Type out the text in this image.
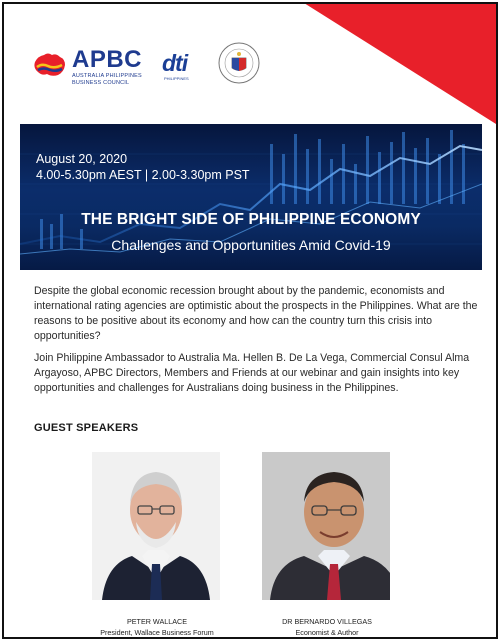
APBC
AUSTRALIA PHILIPPINES BUSINESS COUNCIL
dti
PHILIPPINES
August 20, 2020
4.00-5.30pm AEST | 2.00-3.30pm PST
THE BRIGHT SIDE OF PHILIPPINE ECONOMY
Challenges and Opportunities Amid Covid-19

Despite the global economic recession brought about by the pandemic, economists and international rating agencies are optimistic about the prospects in the Philippines. What are the reasons to be positive about its economy and how can the country turn this crisis into opportunities?

Join Philippine Ambassador to Australia Ma. Hellen B. De La Vega, Commercial Consul Alma Argayoso, APBC Directors, Members and Friends at our webinar and gain insights into key opportunities and challenges for Australians doing business in the Philippines.

GUEST SPEAKERS
PETER WALLACE
President, Wallace Business Forum
DR BERNARDO VILLEGAS
Economist & Author
